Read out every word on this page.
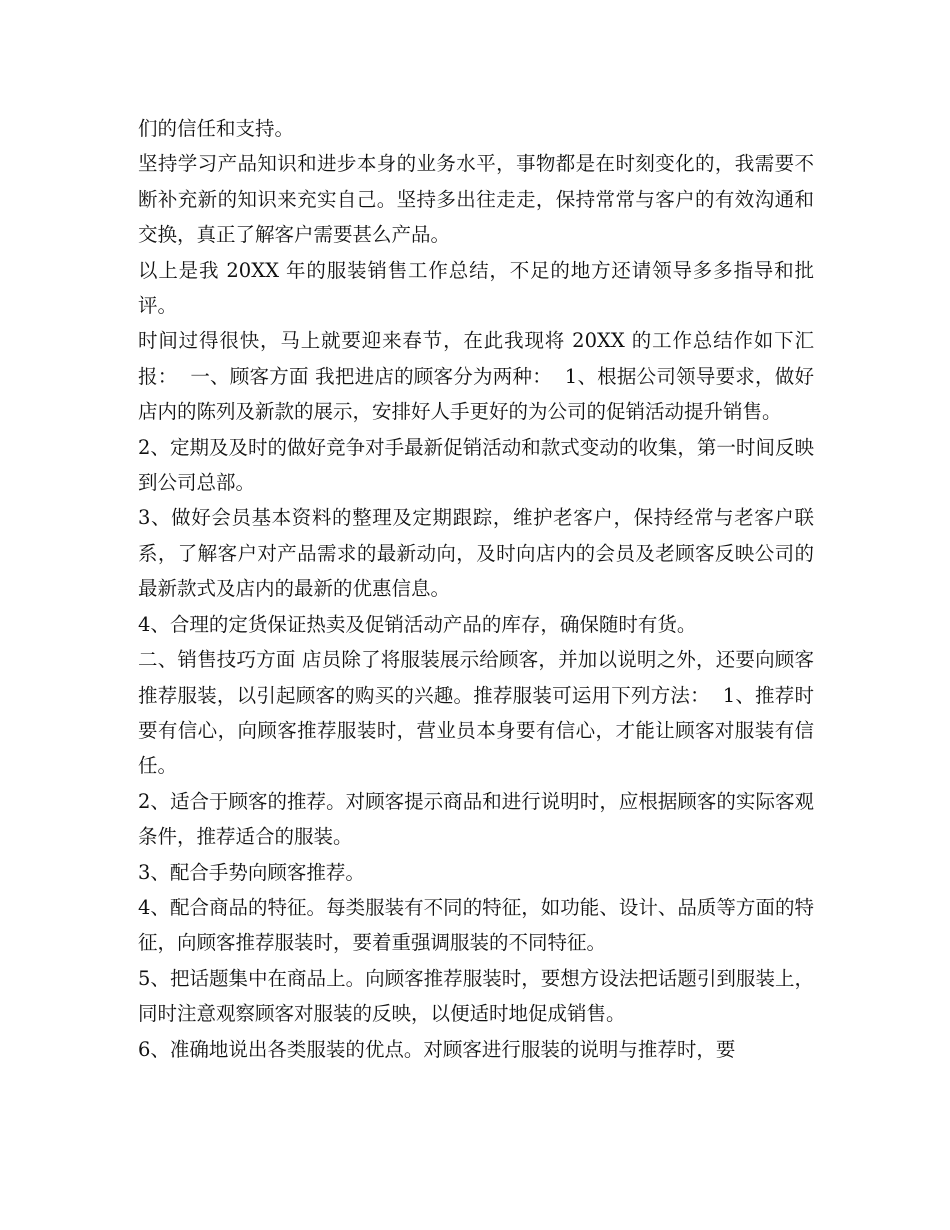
们的信任和支持。

坚持学习产品知识和进步本身的业务水平，事物都是在时刻变化的，我需要不断补充新的知识来充实自己。坚持多出往走走，保持常常与客户的有效沟通和交换，真正了解客户需要甚么产品。

以上是我 20XX 年的服装销售工作总结，不足的地方还请领导多多指导和批评。

时间过得很快，马上就要迎来春节，在此我现将 20XX 的工作总结作如下汇报：  一、顾客方面 我把进店的顾客分为两种：  1、根据公司领导要求，做好店内的陈列及新款的展示，安排好人手更好的为公司的促销活动提升销售。

2、定期及及时的做好竞争对手最新促销活动和款式变动的收集，第一时间反映到公司总部。

3、做好会员基本资料的整理及定期跟踪，维护老客户，保持经常与老客户联系，了解客户对产品需求的最新动向，及时向店内的会员及老顾客反映公司的最新款式及店内的最新的优惠信息。

4、合理的定货保证热卖及促销活动产品的库存，确保随时有货。

二、销售技巧方面 店员除了将服装展示给顾客，并加以说明之外，还要向顾客推荐服装，以引起顾客的购买的兴趣。推荐服装可运用下列方法：  1、推荐时要有信心，向顾客推荐服装时，营业员本身要有信心，才能让顾客对服装有信任。

2、适合于顾客的推荐。对顾客提示商品和进行说明时，应根据顾客的实际客观条件，推荐适合的服装。

3、配合手势向顾客推荐。

4、配合商品的特征。每类服装有不同的特征，如功能、设计、品质等方面的特征，向顾客推荐服装时，要着重强调服装的不同特征。

5、把话题集中在商品上。向顾客推荐服装时，要想方设法把话题引到服装上，同时注意观察顾客对服装的反映，以便适时地促成销售。

6、准确地说出各类服装的优点。对顾客进行服装的说明与推荐时，要
